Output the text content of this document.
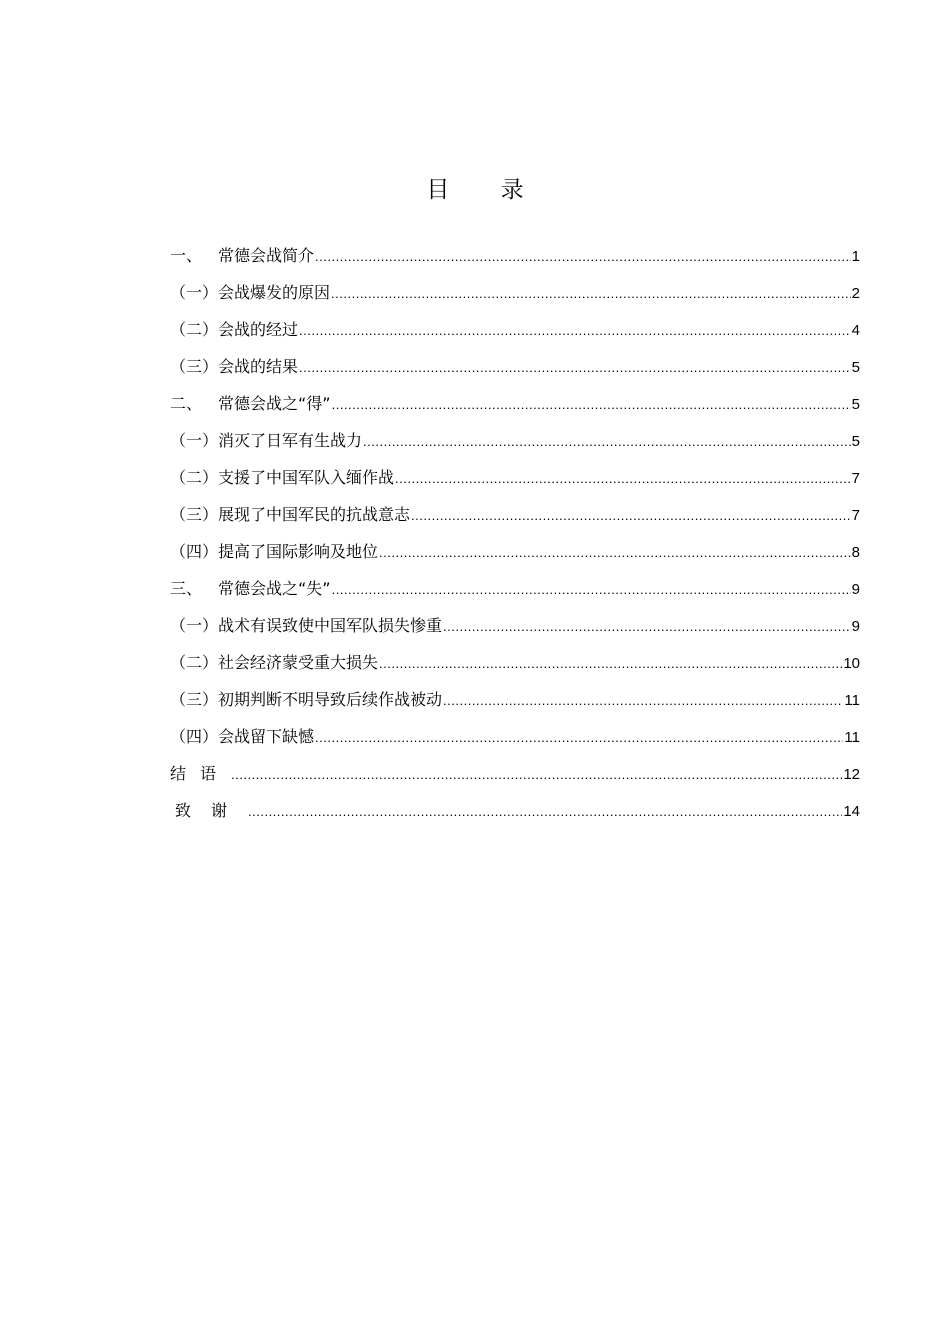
目 录
一、 常德会战简介 .....	1
（一） 会战爆发的原因 .....	2
（二） 会战的经过 .....	4
（三） 会战的结果 .....	5
二、 常德会战之“得” .....	5
（一） 消灭了日军有生战力 .....	5
（二） 支援了中国军队入缅作战 .....	7
（三） 展现了中国军民的抗战意志 .....	7
（四） 提高了国际影响及地位 .....	8
三、 常德会战之“失” .....	9
（一） 战术有误致使中国军队损失惨重 .....	9
（二） 社会经济蒙受重大损失 .....	10
（三） 初期判断不明导致后续作战被动 .....	11
（四） 会战留下缺憾 .....	11
结语 .....	12
致谢 .....	14
